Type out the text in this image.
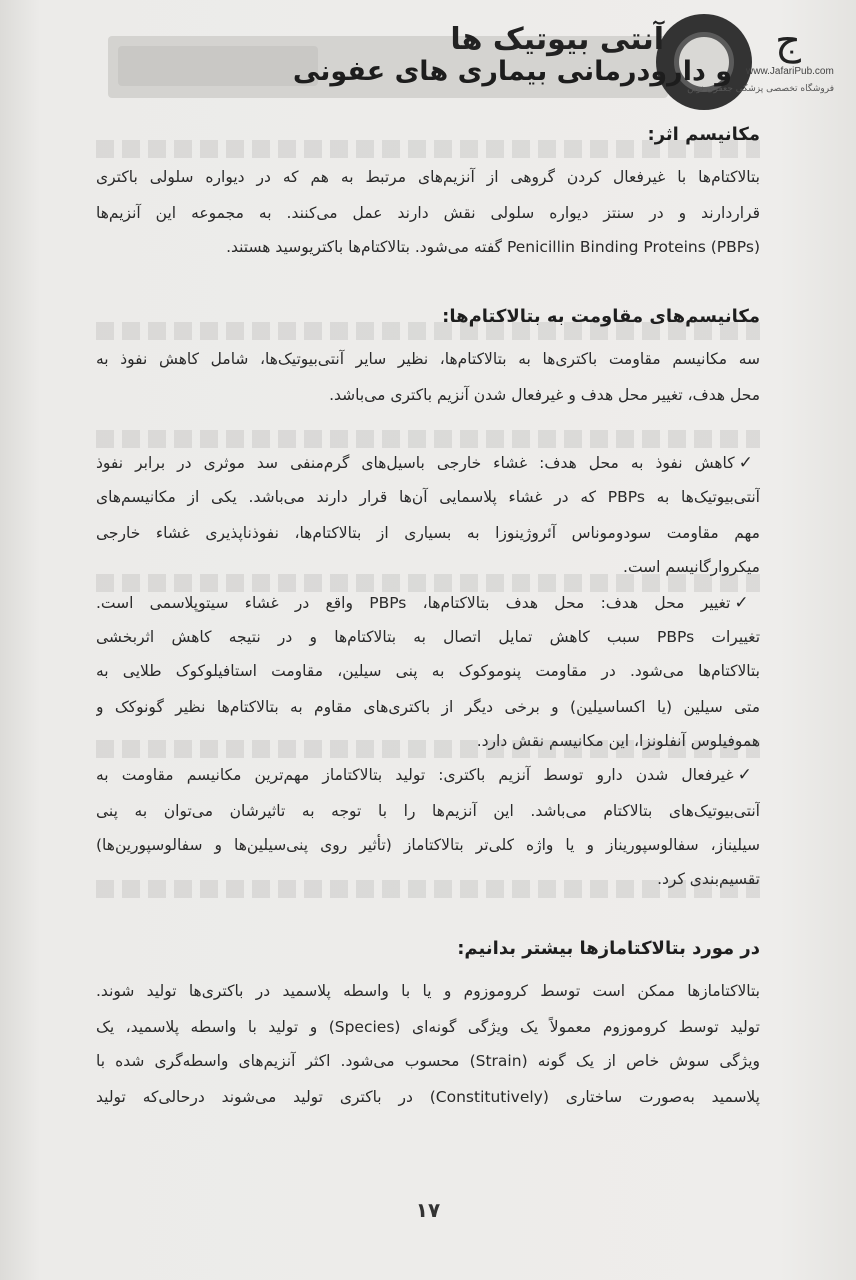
آنتی بیوتیک ها
و دارودرمانی بیماری های عفونی
ج
www.JafariPub.com
فروشگاه تخصصی پزشکی جعفری نوین
مکانیسم اثر:
بتالاکتام‌ها با غیرفعال کردن گروهی از آنزیم‌های مرتبط به هم که در دیواره سلولی باکتری
قراردارند و در سنتز دیواره سلولی نقش دارند عمل می‌کنند. به مجموعه این آنزیم‌ها
Penicillin Binding Proteins (PBPs) گفته می‌شود. بتالاکتام‌ها باکتریوسید هستند.
مکانیسم‌های مقاومت به بتالاکتام‌ها:
سه مکانیسم مقاومت باکتری‌ها به بتالاکتام‌ها، نظیر سایر آنتی‌بیوتیک‌ها، شامل کاهش نفوذ به
محل هدف، تغییر محل هدف و غیرفعال شدن آنزیم باکتری می‌باشد.
✓کاهش نفوذ به محل هدف: غشاء خارجی باسیل‌های گرم‌منفی سد موثری در برابر نفوذ
آنتی‌بیوتیک‌ها به PBPs که در غشاء پلاسمایی آن‌ها قرار دارند می‌باشد. یکی از مکانیسم‌های
مهم مقاومت سودوموناس آئروژینوزا به بسیاری از بتالاکتام‌ها، نفوذناپذیری غشاء خارجی
میکروارگانیسم است.
✓تغییر محل هدف: محل هدف بتالاکتام‌ها، PBPs واقع در غشاء سیتوپلاسمی است.
تغییرات PBPs سبب کاهش تمایل اتصال به بتالاکتام‌ها و در نتیجه کاهش اثربخشی
بتالاکتام‌ها می‌شود. در مقاومت پنوموکوک به پنی سیلین، مقاومت استافیلوکوک طلایی به
متی سیلین (یا اکساسیلین) و برخی دیگر از باکتری‌های مقاوم به بتالاکتام‌ها نظیر گونوکک و
هموفیلوس آنفلونزا، این مکانیسم نقش دارد.
✓غیرفعال شدن دارو توسط آنزیم باکتری: تولید بتالاکتاماز مهم‌ترین مکانیسم مقاومت به
آنتی‌بیوتیک‌های بتالاکتام می‌باشد. این آنزیم‌ها را با توجه به تاثیرشان می‌توان به پنی
سیلیناز، سفالوسپوریناز و یا واژه کلی‌تر بتالاکتاماز (تأثیر روی پنی‌سیلین‌ها و سفالوسپورین‌ها)
تقسیم‌بندی کرد.
در مورد بتالاکتامازها بیشتر بدانیم:
بتالاکتامازها ممکن است توسط کروموزوم و یا با واسطه پلاسمید در باکتری‌ها تولید شوند.
تولید توسط کروموزوم معمولاً یک ویژگی گونه‌ای (Species) و تولید با واسطه پلاسمید، یک
ویژگی سوش خاص از یک گونه (Strain) محسوب می‌شود. اکثر آنزیم‌های واسطه‌گری شده با
پلاسمید به‌صورت ساختاری (Constitutively) در باکتری تولید می‌شوند درحالی‌که تولید
۱۷
